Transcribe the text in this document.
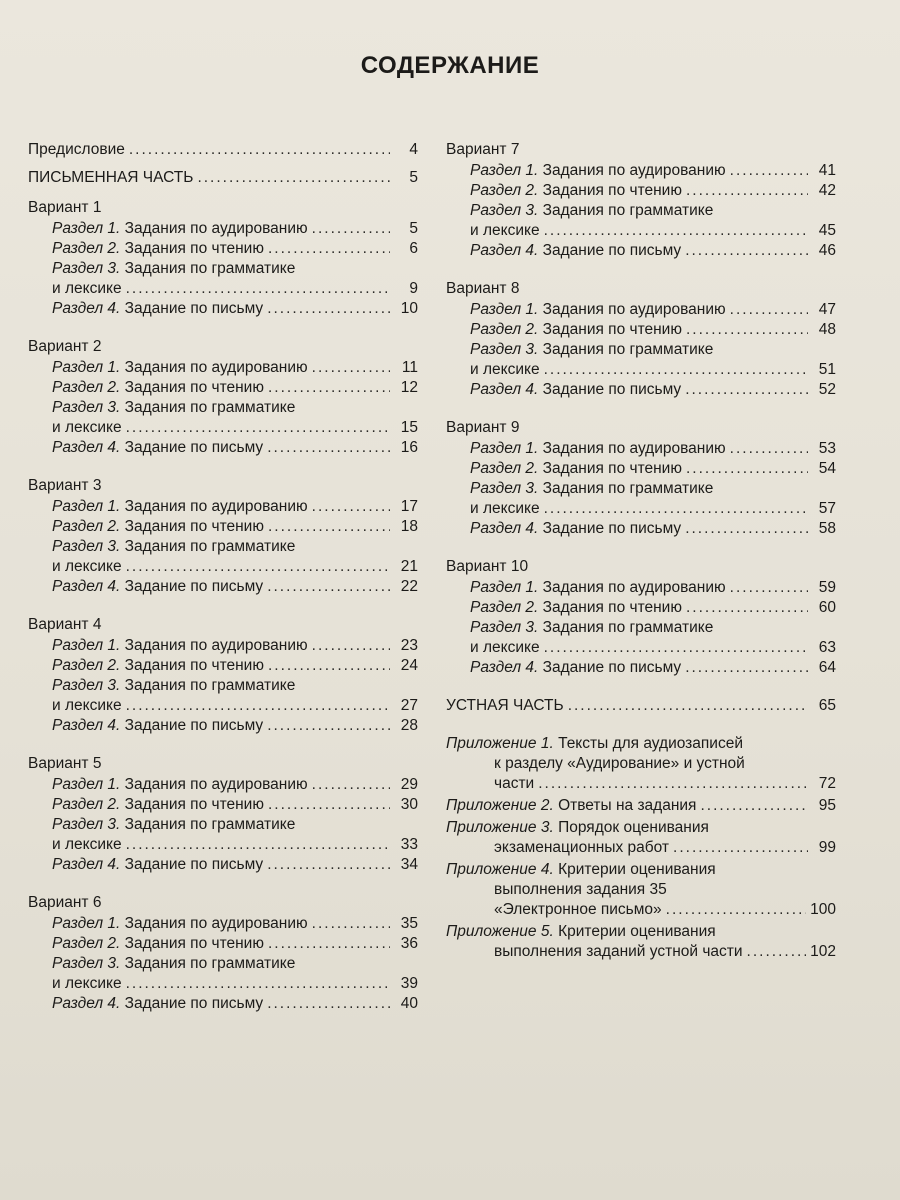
СОДЕРЖАНИЕ
Предисловие .....	4
ПИСЬМЕННАЯ ЧАСТЬ .....	5
Вариант 1
Раздел 1. Задания по аудированию .....	5
Раздел 2. Задания по чтению .....	6
Раздел 3. Задания по грамматике
и лексике .....	9
Раздел 4. Задание по письму .....	10
Вариант 2
Раздел 1. Задания по аудированию .....	11
Раздел 2. Задания по чтению .....	12
Раздел 3. Задания по грамматике
и лексике .....	15
Раздел 4. Задание по письму .....	16
Вариант 3
Раздел 1. Задания по аудированию .....	17
Раздел 2. Задания по чтению .....	18
Раздел 3. Задания по грамматике
и лексике .....	21
Раздел 4. Задание по письму .....	22
Вариант 4
Раздел 1. Задания по аудированию .....	23
Раздел 2. Задания по чтению .....	24
Раздел 3. Задания по грамматике
и лексике .....	27
Раздел 4. Задание по письму .....	28
Вариант 5
Раздел 1. Задания по аудированию .....	29
Раздел 2. Задания по чтению .....	30
Раздел 3. Задания по грамматике
и лексике .....	33
Раздел 4. Задание по письму .....	34
Вариант 6
Раздел 1. Задания по аудированию .....	35
Раздел 2. Задания по чтению .....	36
Раздел 3. Задания по грамматике
и лексике .....	39
Раздел 4. Задание по письму .....	40
Вариант 7
Раздел 1. Задания по аудированию .....	41
Раздел 2. Задания по чтению .....	42
Раздел 3. Задания по грамматике
и лексике .....	45
Раздел 4. Задание по письму .....	46
Вариант 8
Раздел 1. Задания по аудированию .....	47
Раздел 2. Задания по чтению .....	48
Раздел 3. Задания по грамматике
и лексике .....	51
Раздел 4. Задание по письму .....	52
Вариант 9
Раздел 1. Задания по аудированию .....	53
Раздел 2. Задания по чтению .....	54
Раздел 3. Задания по грамматике
и лексике .....	57
Раздел 4. Задание по письму .....	58
Вариант 10
Раздел 1. Задания по аудированию .....	59
Раздел 2. Задания по чтению .....	60
Раздел 3. Задания по грамматике
и лексике .....	63
Раздел 4. Задание по письму .....	64
УСТНАЯ ЧАСТЬ .....	65
Приложение 1. Тексты для аудиозаписей
к разделу «Аудирование» и устной
части .....	72
Приложение 2. Ответы на задания .....	95
Приложение 3. Порядок оценивания
экзаменационных работ .....	99
Приложение 4. Критерии оценивания
выполнения задания 35
«Электронное письмо» .....	100
Приложение 5. Критерии оценивания
выполнения заданий устной части .....	102
